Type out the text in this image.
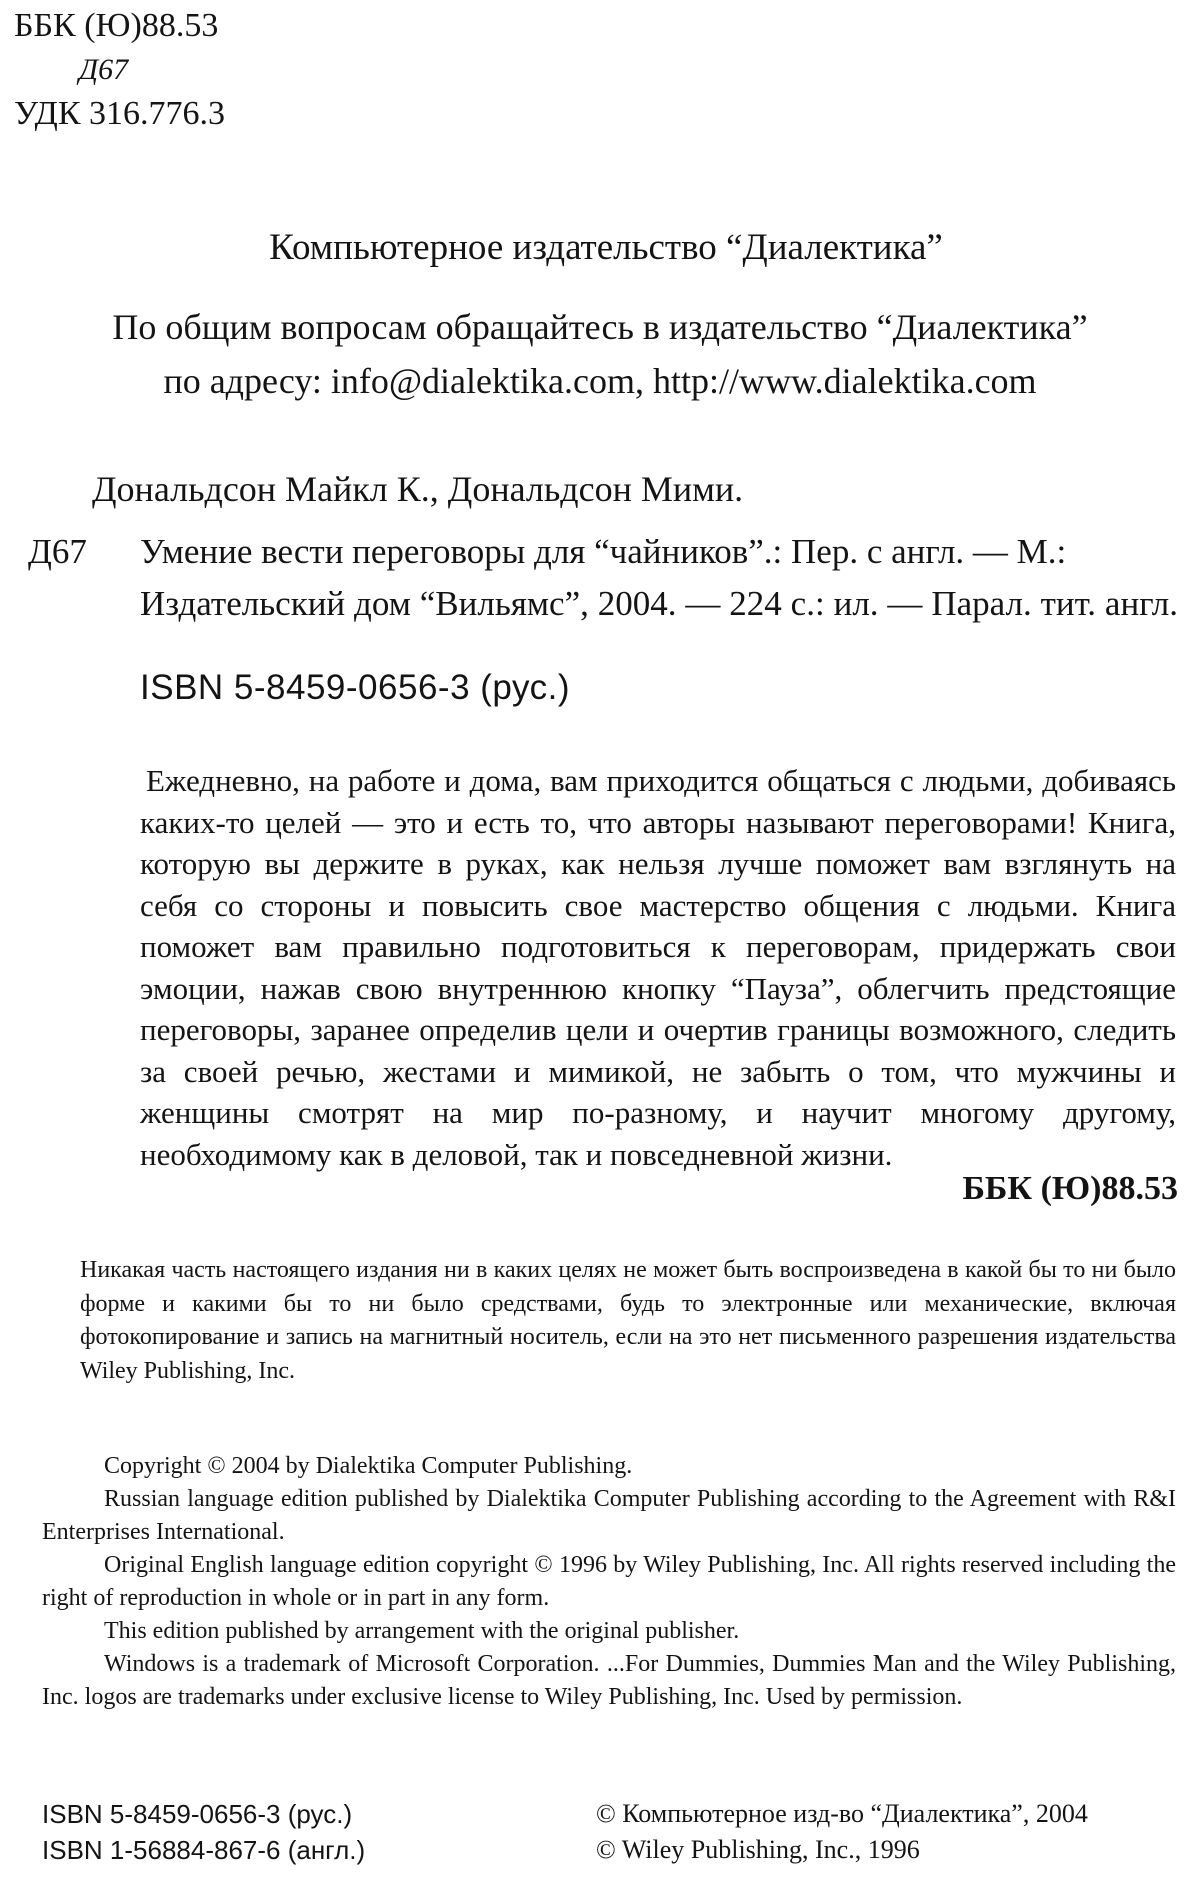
ББК (Ю)88.53
Д67
УДК 316.776.3
Компьютерное издательство “Диалектика”
По общим вопросам обращайтесь в издательство “Диалектика”
по адресу: info@dialektika.com, http://www.dialektika.com
Дональдсон Майкл К., Дональдсон Мими.
Д67 Умение вести переговоры для “чайников”.: Пер. с англ. — М.:
Издательский дом “Вильямс”, 2004. — 224 с.: ил. — Парал. тит. англ.
ISBN 5-8459-0656-3 (рус.)
Ежедневно, на работе и дома, вам приходится общаться с людьми, добиваясь каких-то целей — это и есть то, что авторы называют переговорами! Книга, которую вы держите в руках, как нельзя лучше поможет вам взглянуть на себя со стороны и повысить свое мастерство общения с людьми. Книга поможет вам правильно подготовиться к переговорам, придержать свои эмоции, нажав свою внутреннюю кнопку “Пауза”, облегчить предстоящие переговоры, заранее определив цели и очертив границы возможного, следить за своей речью, жестами и мимикой, не забыть о том, что мужчины и женщины смотрят на мир по-разному, и научит многому другому, необходимому как в деловой, так и повседневной жизни.
ББК (Ю)88.53
Никакая часть настоящего издания ни в каких целях не может быть воспроизведена в какой бы то ни было форме и какими бы то ни было средствами, будь то электронные или механические, включая фотокопирование и запись на магнитный носитель, если на это нет письменного разрешения издательства Wiley Publishing, Inc.

Copyright © 2004 by Dialektika Computer Publishing.

Russian language edition published by Dialektika Computer Publishing according to the Agreement with R&I Enterprises International.

Original English language edition copyright © 1996 by Wiley Publishing, Inc. All rights reserved including the right of reproduction in whole or in part in any form.

This edition published by arrangement with the original publisher.

Windows is a trademark of Microsoft Corporation. ...For Dummies, Dummies Man and the Wiley Publishing, Inc. logos are trademarks under exclusive license to Wiley Publishing, Inc. Used by permission.

ISBN 5-8459-0656-3 (рус.)
ISBN 1-56884-867-6 (англ.)
© Компьютерное изд-во “Диалектика”, 2004
© Wiley Publishing, Inc., 1996
